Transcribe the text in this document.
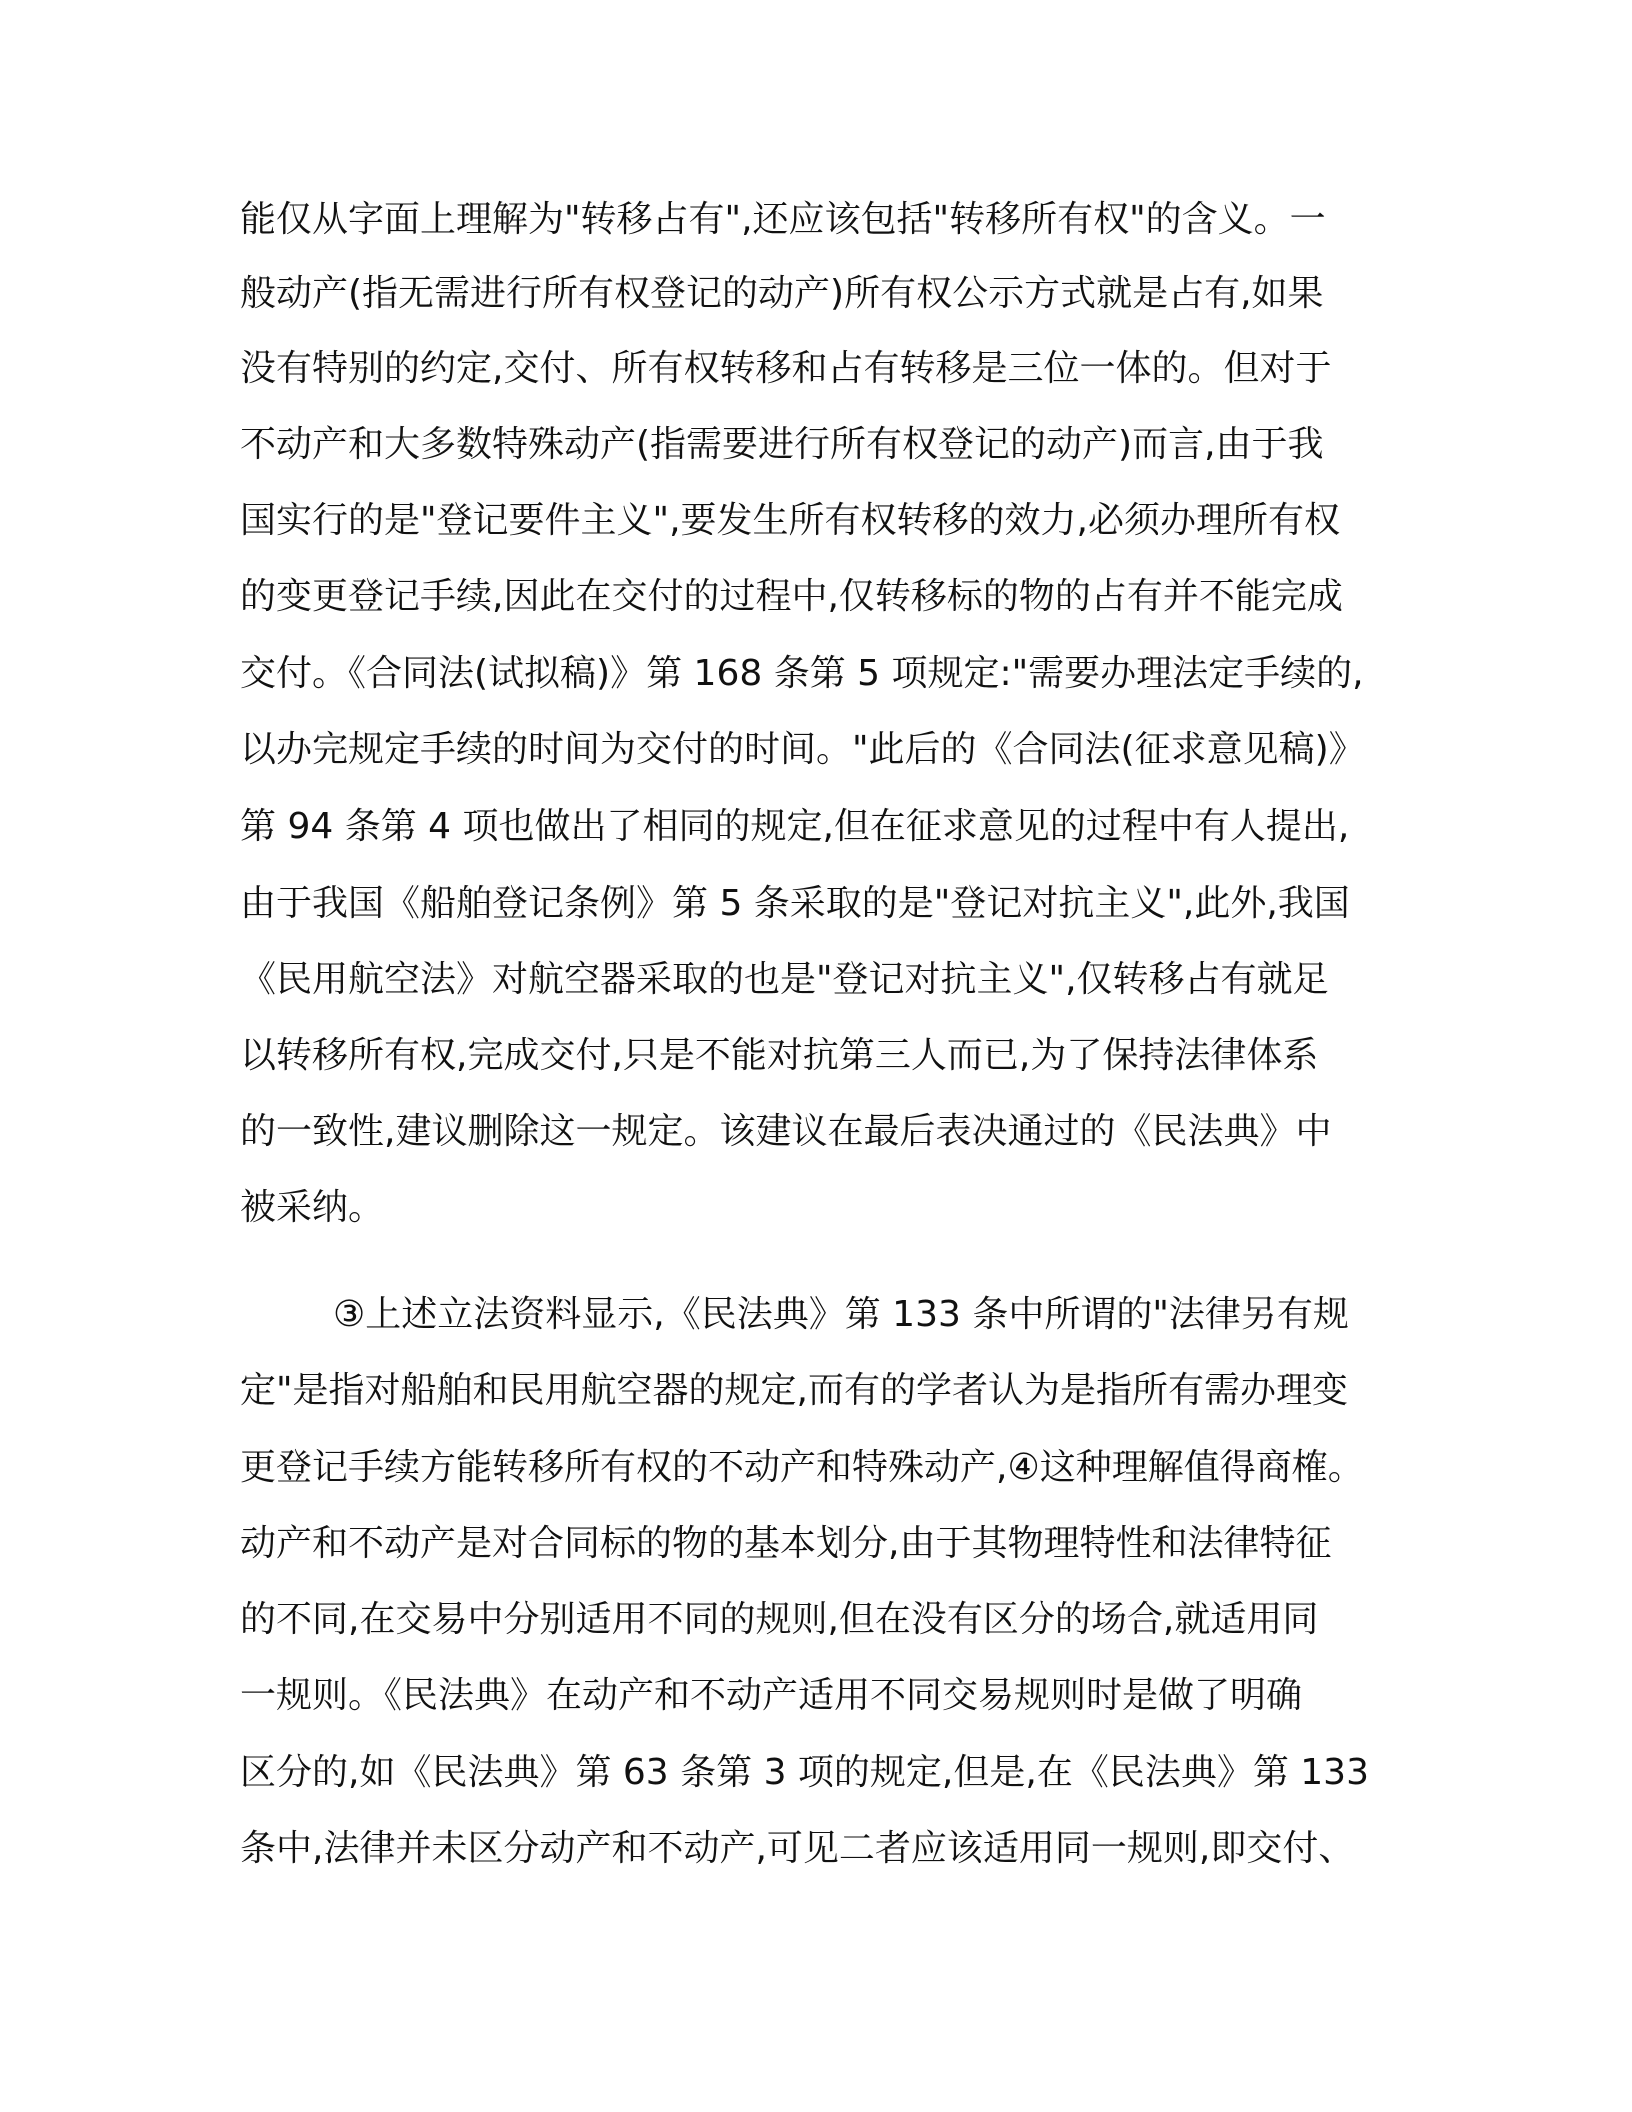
能仅从字面上理解为"转移占有",还应该包括"转移所有权"的含义。一
般动产(指无需进行所有权登记的动产)所有权公示方式就是占有,如果
没有特别的约定,交付、所有权转移和占有转移是三位一体的。但对于
不动产和大多数特殊动产(指需要进行所有权登记的动产)而言,由于我
国实行的是"登记要件主义",要发生所有权转移的效力,必须办理所有权
的变更登记手续,因此在交付的过程中,仅转移标的物的占有并不能完成
交付。《合同法(试拟稿)》第 168 条第 5 项规定:"需要办理法定手续的,
以办完规定手续的时间为交付的时间。"此后的《合同法(征求意见稿)》
第 94 条第 4 项也做出了相同的规定,但在征求意见的过程中有人提出,
由于我国《船舶登记条例》第 5 条采取的是"登记对抗主义",此外,我国
《民用航空法》对航空器采取的也是"登记对抗主义",仅转移占有就足
以转移所有权,完成交付,只是不能对抗第三人而已,为了保持法律体系
的一致性,建议删除这一规定。该建议在最后表决通过的《民法典》中
被采纳。
③上述立法资料显示,《民法典》第 133 条中所谓的"法律另有规
定"是指对船舶和民用航空器的规定,而有的学者认为是指所有需办理变
更登记手续方能转移所有权的不动产和特殊动产,④这种理解值得商榷。
动产和不动产是对合同标的物的基本划分,由于其物理特性和法律特征
的不同,在交易中分别适用不同的规则,但在没有区分的场合,就适用同
一规则。《民法典》在动产和不动产适用不同交易规则时是做了明确
区分的,如《民法典》第 63 条第 3 项的规定,但是,在《民法典》第 133
条中,法律并未区分动产和不动产,可见二者应该适用同一规则,即交付、
